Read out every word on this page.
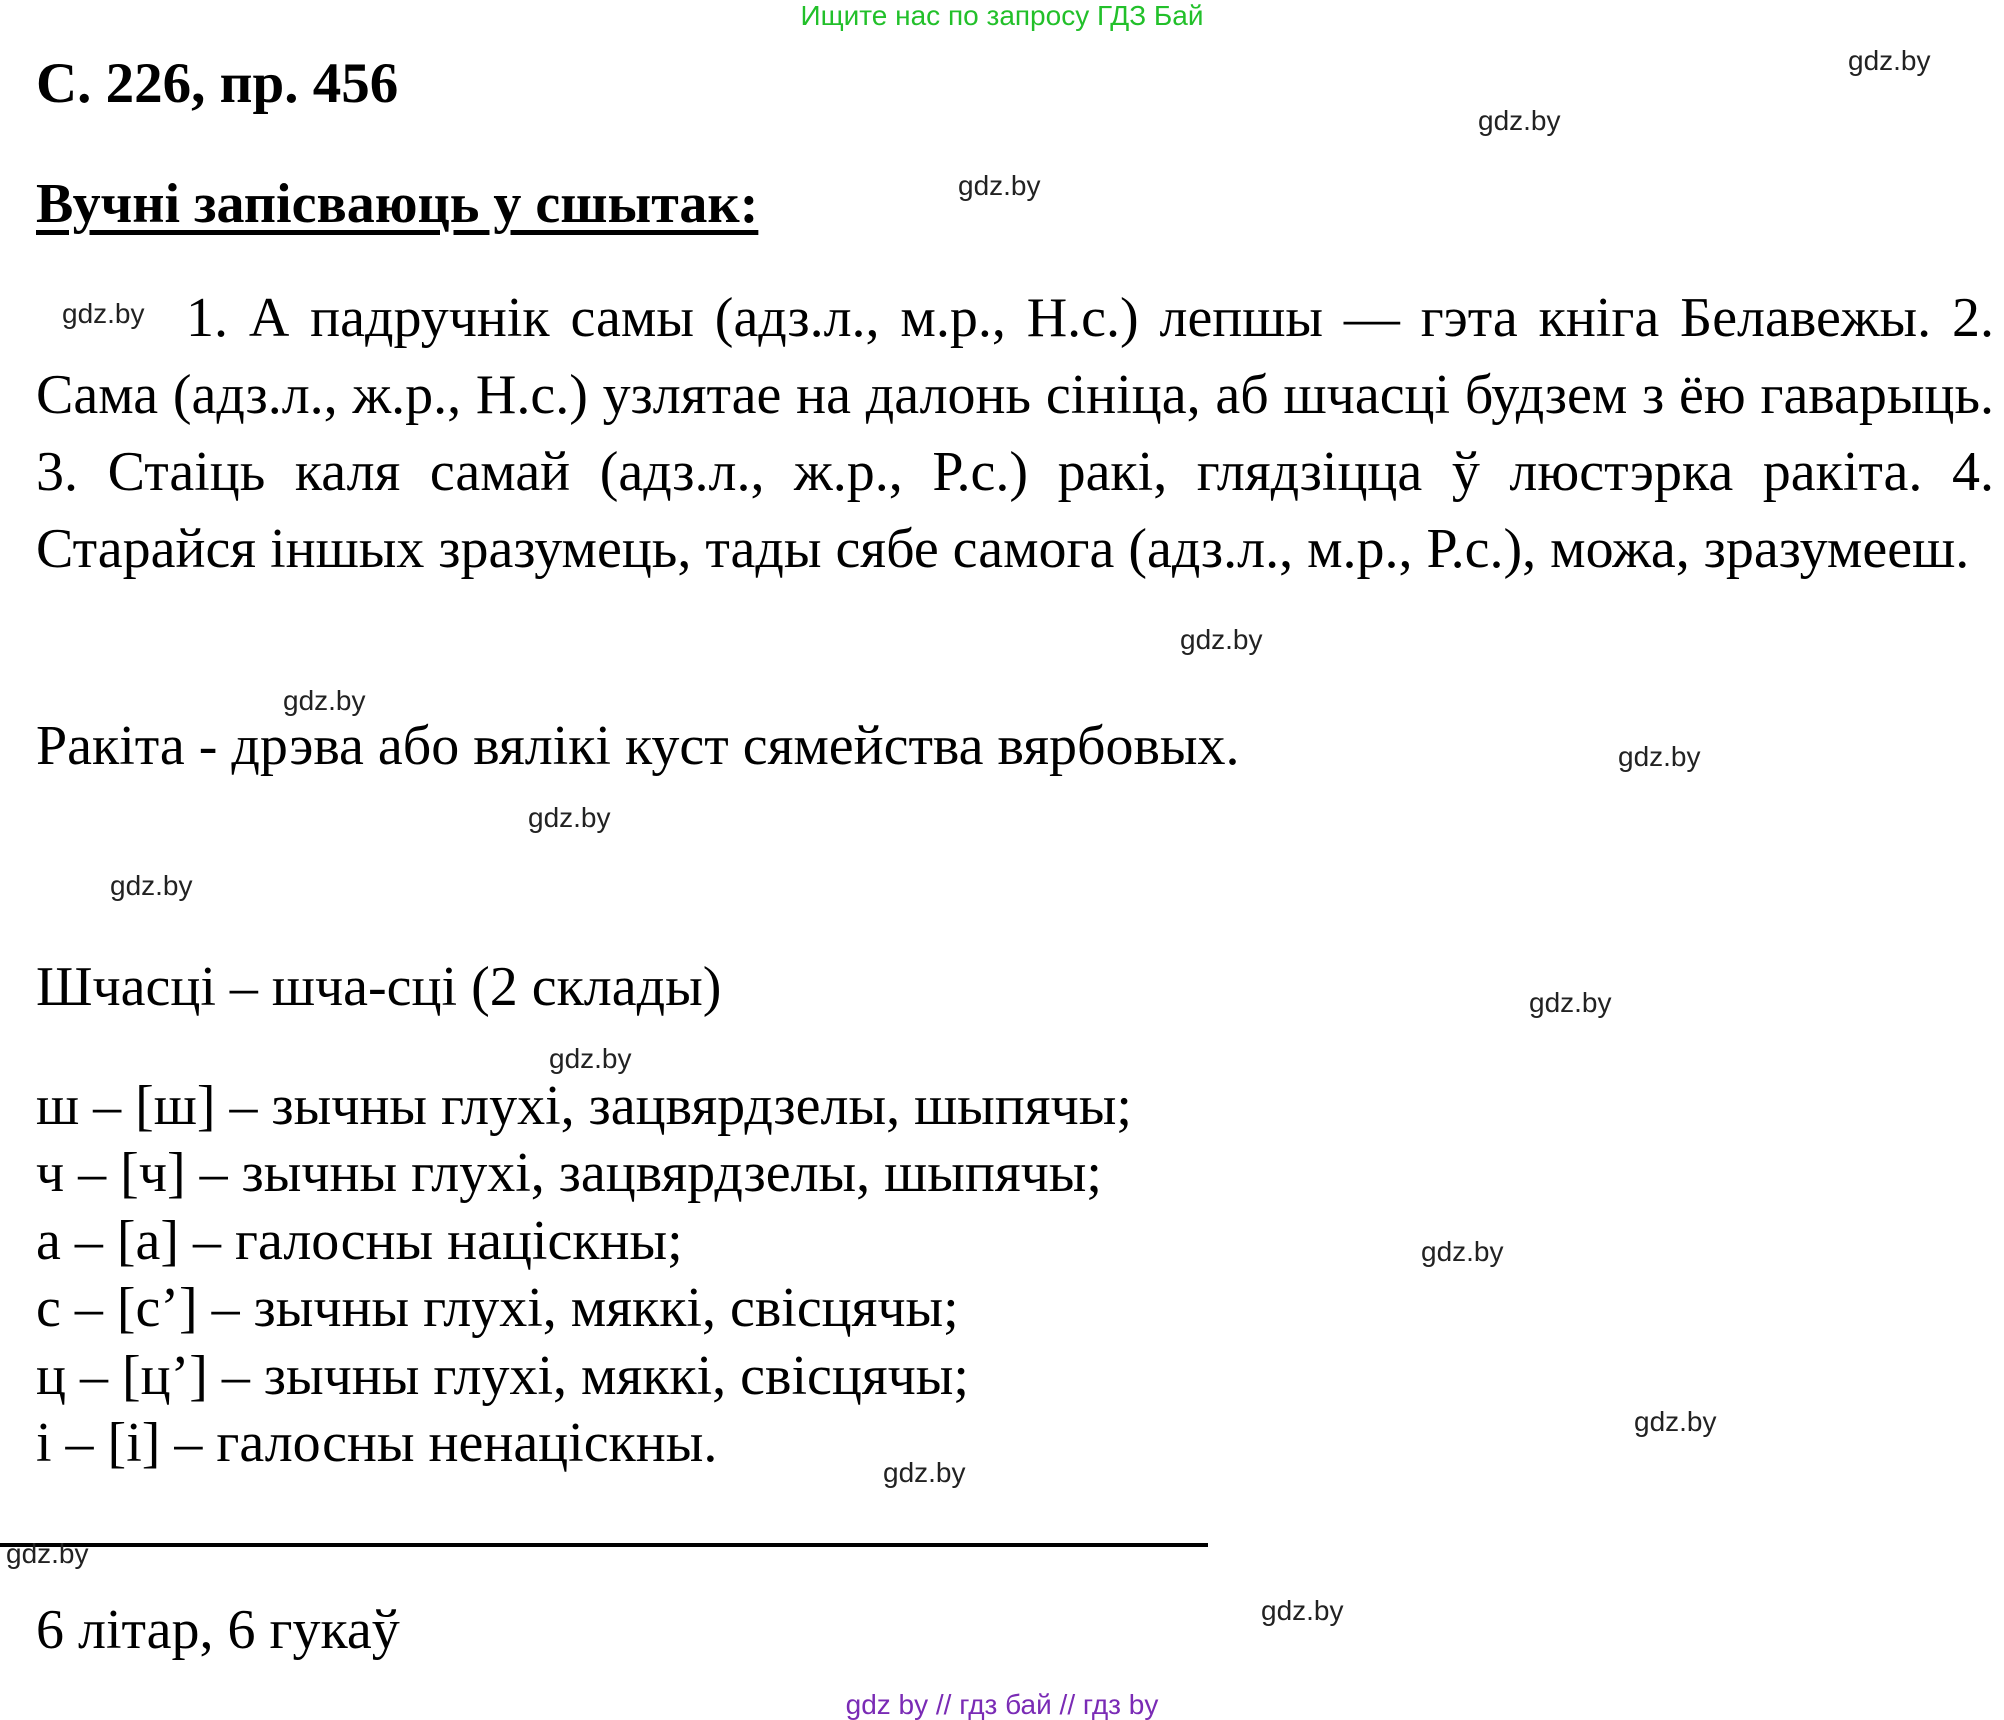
Ищите нас по запросу ГДЗ Бай
С. 226, пр. 456
Вучні запісваюць у сшытак:
1. А падручнік самы (адз.л., м.р., Н.с.) лепшы — гэта кніга Белавежы. 2. Сама (адз.л., ж.р., Н.с.) узлятае на далонь сініца, аб шчасці будзем з ёю гаварыць. 3. Стаіць каля самай (адз.л., ж.р., Р.с.) ракі, глядзіцца ў люстэрка ракіта. 4. Старайся іншых зразумець, тады сябе самога (адз.л., м.р., Р.с.), можа, зразумееш.
Ракіта - дрэва або вялікі куст сямейства вярбовых.
Шчасці – шча-сці (2 склады)
ш – [ш] – зычны глухі, зацвярдзелы, шыпячы;
ч – [ч] – зычны глухі, зацвярдзелы, шыпячы;
а – [а] – галосны націскны;
с – [с’] – зычны глухі, мяккі, свісцячы;
ц – [ц’] – зычны глухі, мяккі, свісцячы;
і – [і] – галосны ненаціскны.
6 літар, 6 гукаў
gdz.by
gdz.by
gdz.by
gdz.by
gdz.by
gdz.by
gdz.by
gdz.by
gdz.by
gdz.by
gdz.by
gdz.by
gdz.by
gdz.by
gdz.by
gdz.by
gdz by // гдз бай // гдз by
